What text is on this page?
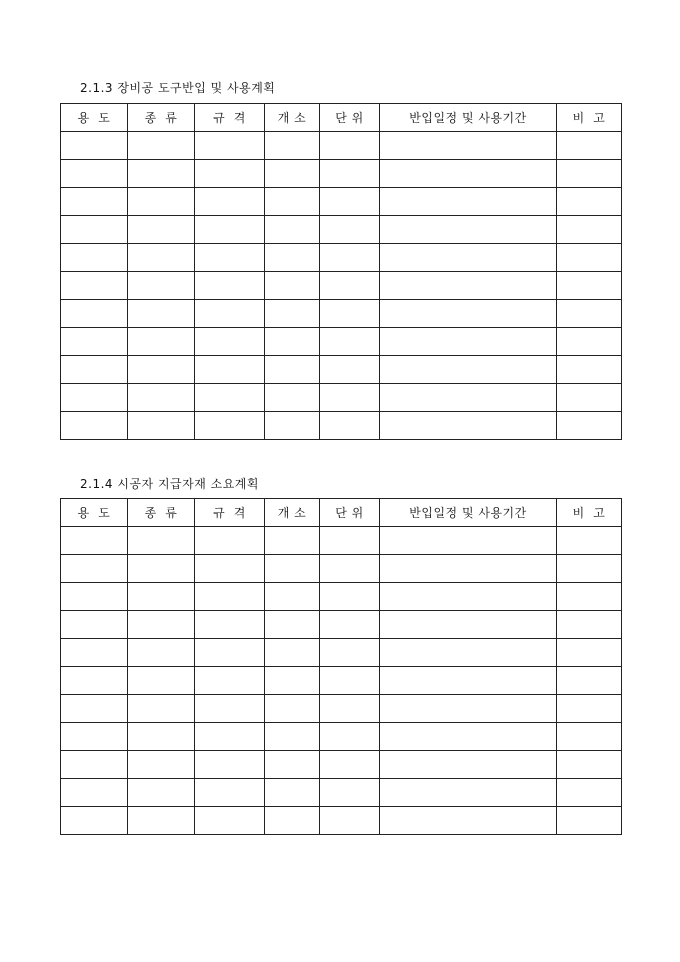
2.1.3 장비공 도구반입 및 사용계획
용  도	종  류	규  격	개 소	단 위	반입일정 및 사용기간	비  고

2.1.4 시공자 지급자재 소요계획
용  도	종  류	규  격	개 소	단 위	반입일정 및 사용기간	비  고
